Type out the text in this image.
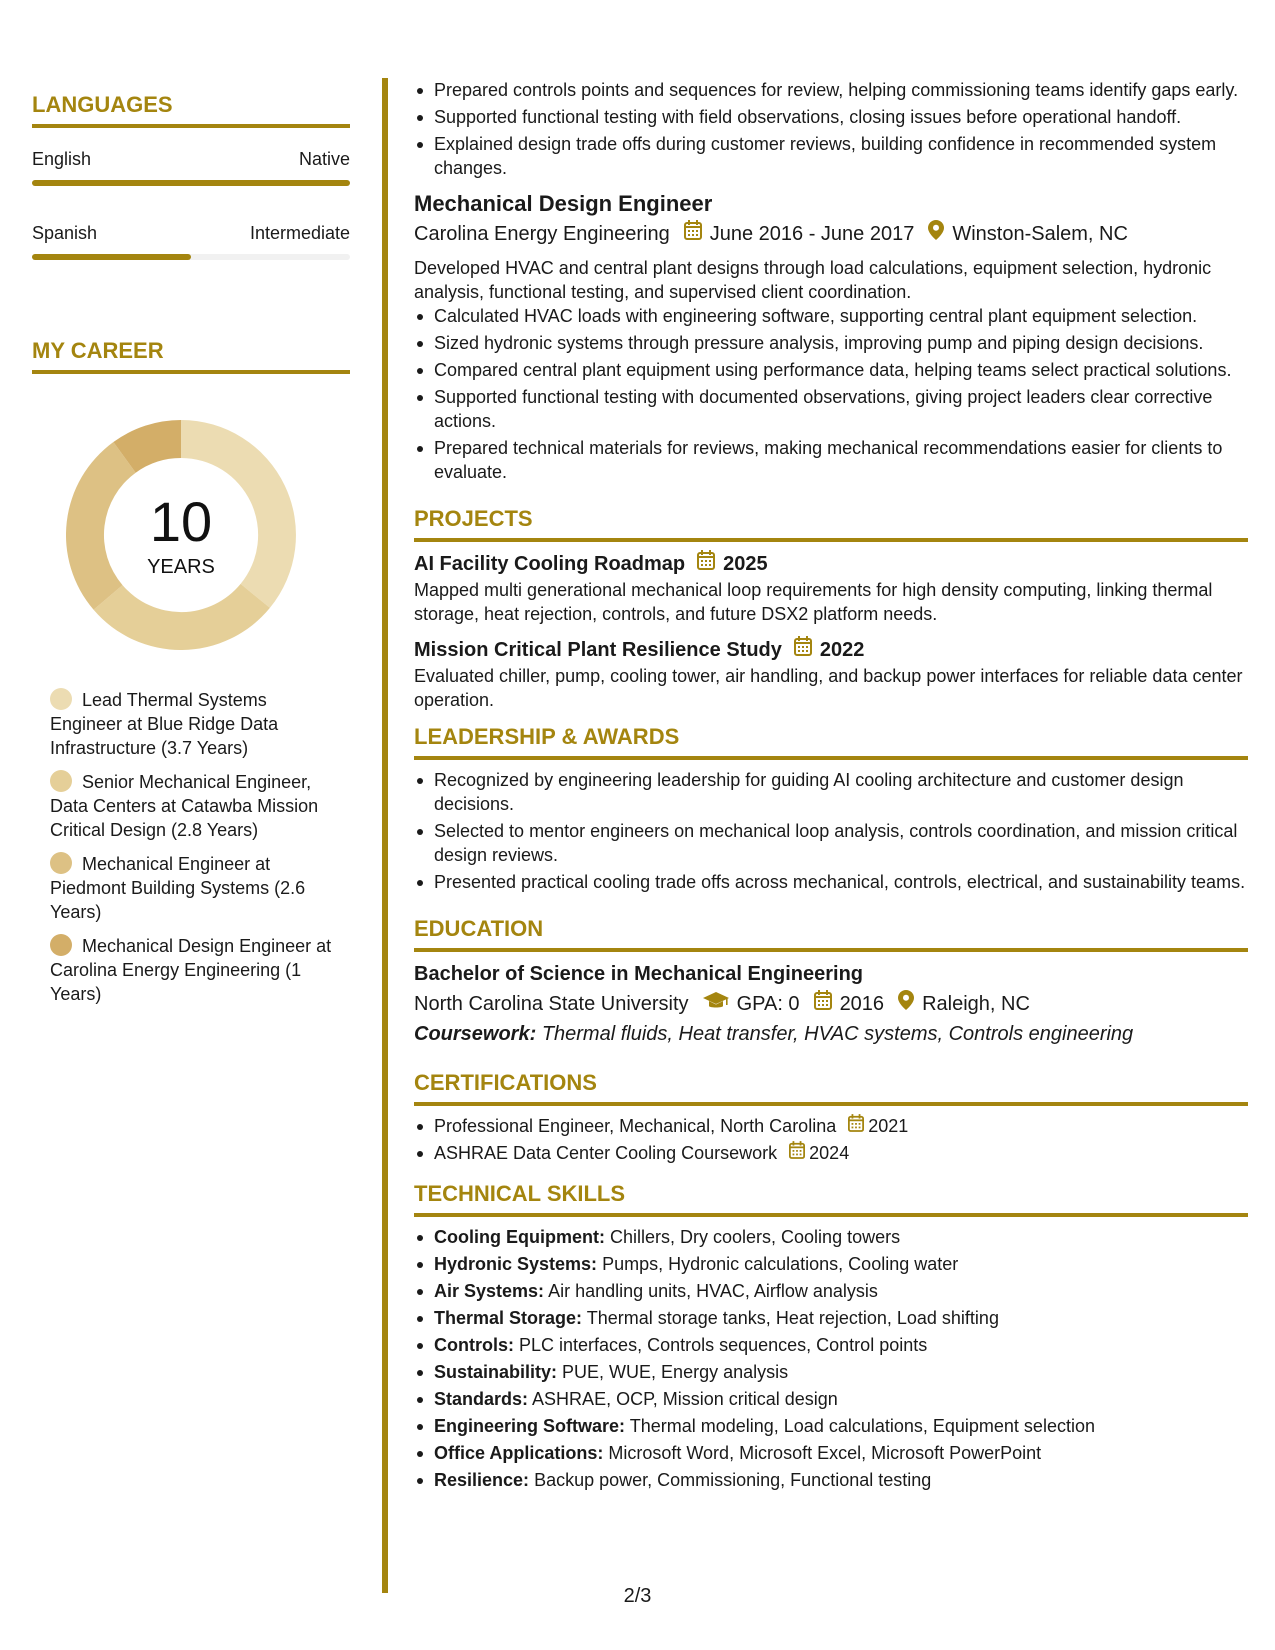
LANGUAGES
English	Native
Spanish	Intermediate
MY CAREER
10
YEARS
Lead Thermal Systems Engineer at Blue Ridge Data Infrastructure (3.7 Years)
Senior Mechanical Engineer, Data Centers at Catawba Mission Critical Design (2.8 Years)
Mechanical Engineer at Piedmont Building Systems (2.6 Years)
Mechanical Design Engineer at Carolina Energy Engineering (1 Years)
Prepared controls points and sequences for review, helping commissioning teams identify gaps early.
Supported functional testing with field observations, closing issues before operational handoff.
Explained design trade offs during customer reviews, building confidence in recommended system changes.
Mechanical Design Engineer
Carolina Energy Engineering June 2016 - June 2017 Winston-Salem, NC
Developed HVAC and central plant designs through load calculations, equipment selection, hydronic analysis, functional testing, and supervised client coordination.
Calculated HVAC loads with engineering software, supporting central plant equipment selection.
Sized hydronic systems through pressure analysis, improving pump and piping design decisions.
Compared central plant equipment using performance data, helping teams select practical solutions.
Supported functional testing with documented observations, giving project leaders clear corrective actions.
Prepared technical materials for reviews, making mechanical recommendations easier for clients to evaluate.
PROJECTS
AI Facility Cooling Roadmap 2025
Mapped multi generational mechanical loop requirements for high density computing, linking thermal storage, heat rejection, controls, and future DSX2 platform needs.
Mission Critical Plant Resilience Study 2022
Evaluated chiller, pump, cooling tower, air handling, and backup power interfaces for reliable data center operation.
LEADERSHIP & AWARDS
Recognized by engineering leadership for guiding AI cooling architecture and customer design decisions.
Selected to mentor engineers on mechanical loop analysis, controls coordination, and mission critical design reviews.
Presented practical cooling trade offs across mechanical, controls, electrical, and sustainability teams.
EDUCATION
Bachelor of Science in Mechanical Engineering
North Carolina State University GPA: 0 2016 Raleigh, NC
Coursework: Thermal fluids, Heat transfer, HVAC systems, Controls engineering
CERTIFICATIONS
Professional Engineer, Mechanical, North Carolina 2021
ASHRAE Data Center Cooling Coursework 2024
TECHNICAL SKILLS
Cooling Equipment: Chillers, Dry coolers, Cooling towers
Hydronic Systems: Pumps, Hydronic calculations, Cooling water
Air Systems: Air handling units, HVAC, Airflow analysis
Thermal Storage: Thermal storage tanks, Heat rejection, Load shifting
Controls: PLC interfaces, Controls sequences, Control points
Sustainability: PUE, WUE, Energy analysis
Standards: ASHRAE, OCP, Mission critical design
Engineering Software: Thermal modeling, Load calculations, Equipment selection
Office Applications: Microsoft Word, Microsoft Excel, Microsoft PowerPoint
Resilience: Backup power, Commissioning, Functional testing
2/3
